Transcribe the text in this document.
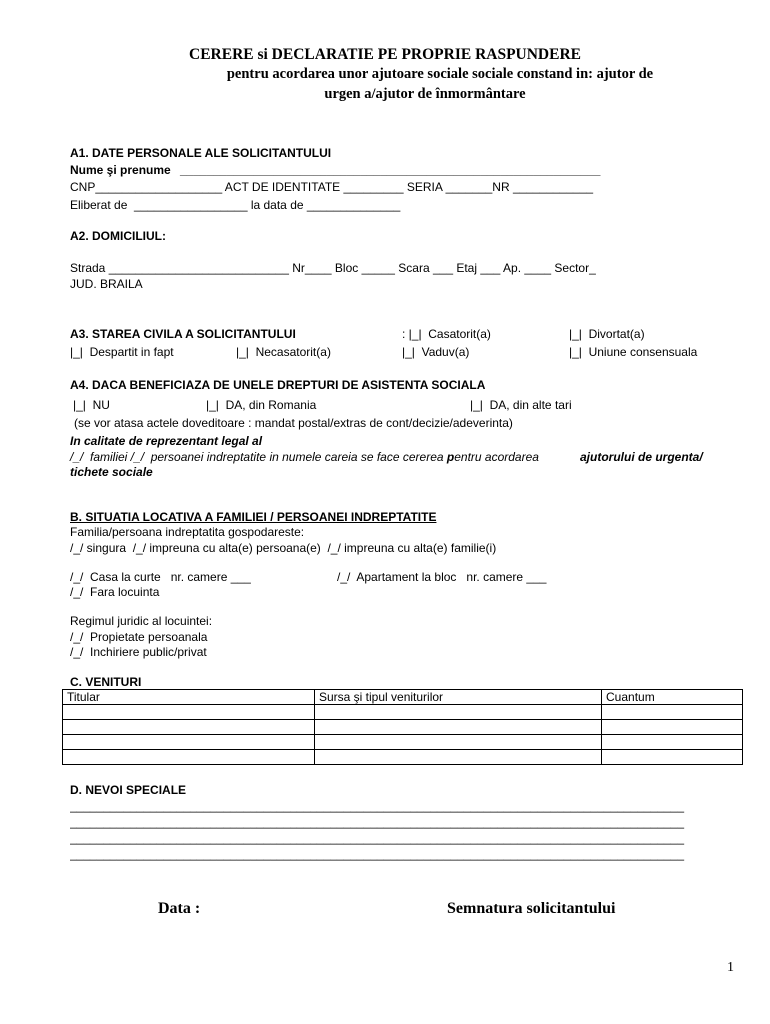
CERERE si DECLARATIE PE PROPRIE RASPUNDERE
pentru acordarea unor ajutoare sociale sociale constand in: ajutor de
urgen a/ajutor de înmormântare
A1. DATE PERSONALE ALE SOLICITANTULUI
Nume şi prenume _______________________________________________________________
CNP___________________ ACT DE IDENTITATE _________ SERIA _______NR ____________
Eliberat de  _________________ la data de ______________
A2. DOMICILIUL:
Strada ___________________________ Nr____ Bloc _____ Scara ___ Etaj ___ Ap. ____ Sector_
JUD. BRAILA
A3. STAREA CIVILA A SOLICITANTULUI	: |_|  Casatorit(a)	|_|  Divortat(a)
|_|  Despartit in fapt	|_|  Necasatorit(a)	|_|  Vaduv(a)	|_|  Uniune consensuala
A4. DACA BENEFICIAZA DE UNELE DREPTURI DE ASISTENTA SOCIALA
|_|  NU	|_|  DA, din Romania	|_|  DA, din alte tari
(se vor atasa actele doveditoare : mandat postal/extras de cont/decizie/adeverinta)
In calitate de reprezentant legal al
/_/  familiei /_/  persoanei indreptatite in numele careia se face cererea pentru acordarea	ajutorului de urgenta/
tichete sociale
B. SITUATIA LOCATIVA A FAMILIEI / PERSOANEI INDREPTATITE
Familia/persoana indreptatita gospodareste:
/_/ singura  /_/ impreuna cu alta(e) persoana(e)  /_/ impreuna cu alta(e) familie(i)
/_/  Casa la curte   nr. camere ___	/_/  Apartament la bloc   nr. camere ___
/_/  Fara locuinta
Regimul juridic al locuintei:
/_/  Propietate persoanala
/_/  Inchiriere public/privat
C. VENITURI
Titular	Sursa şi tipul veniturilor	Cuantum

D. NEVOI SPECIALE
____________________________________________________________________________________________
____________________________________________________________________________________________
____________________________________________________________________________________________
____________________________________________________________________________________________
Data :	Semnatura solicitantului
1
